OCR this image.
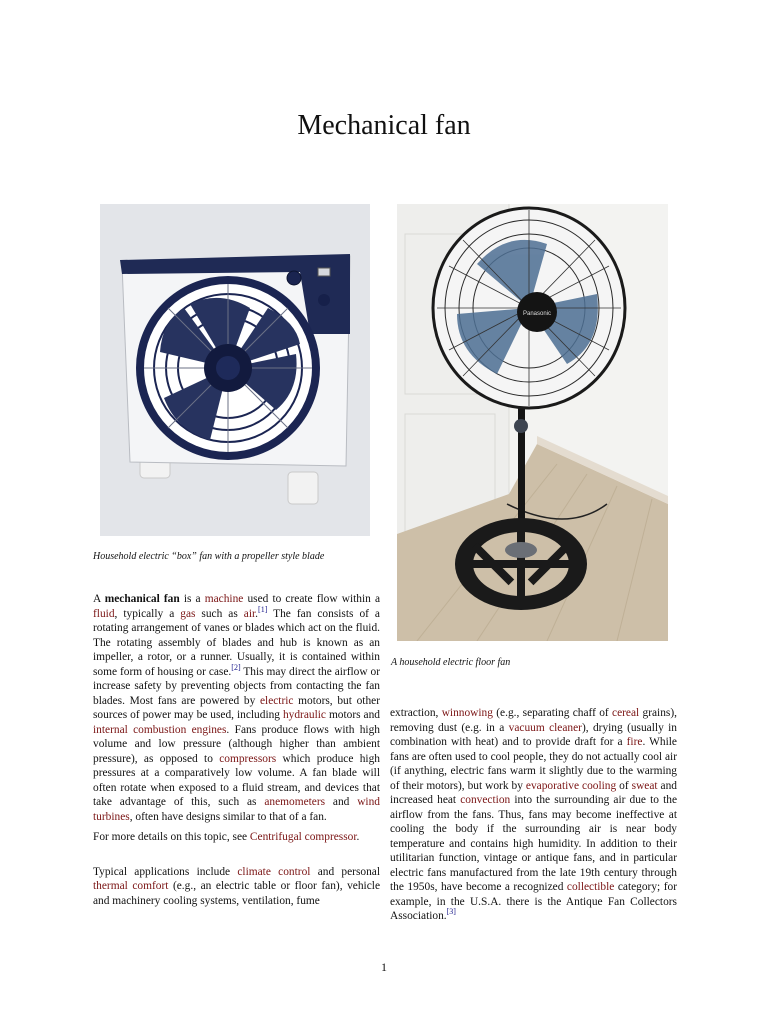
Mechanical fan
Household electric “box” fan with a propeller style blade
Panasonic
A household electric floor fan

A mechanical fan is a machine used to create flow within a fluid, typically a gas such as air.[1] The fan consists of a rotating arrangement of vanes or blades which act on the fluid. The rotating assembly of blades and hub is known as an impeller, a rotor, or a runner. Usually, it is contained within some form of housing or case.[2] This may direct the airflow or increase safety by preventing objects from contacting the fan blades. Most fans are powered by electric motors, but other sources of power may be used, including hydraulic motors and internal combustion engines. Fans produce flows with high volume and low pressure (although higher than ambient pressure), as opposed to compressors which produce high pressures at a comparatively low volume. A fan blade will often rotate when exposed to a fluid stream, and devices that take advantage of this, such as anemometers and wind turbines, often have designs similar to that of a fan.

For more details on this topic, see Centrifugal compressor.

Typical applications include climate control and personal thermal comfort (e.g., an electric table or floor fan), vehicle and machinery cooling systems, ventilation, fume

extraction, winnowing (e.g., separating chaff of cereal grains), removing dust (e.g. in a vacuum cleaner), drying (usually in combination with heat) and to provide draft for a fire. While fans are often used to cool people, they do not actually cool air (if anything, electric fans warm it slightly due to the warming of their motors), but work by evaporative cooling of sweat and increased heat convection into the surrounding air due to the airflow from the fans. Thus, fans may become ineffective at cooling the body if the surrounding air is near body temperature and contains high humidity. In addition to their utilitarian function, vintage or antique fans, and in particular electric fans manufactured from the late 19th century through the 1950s, have become a recognized collectible category; for example, in the U.S.A. there is the Antique Fan Collectors Association.[3]

1
